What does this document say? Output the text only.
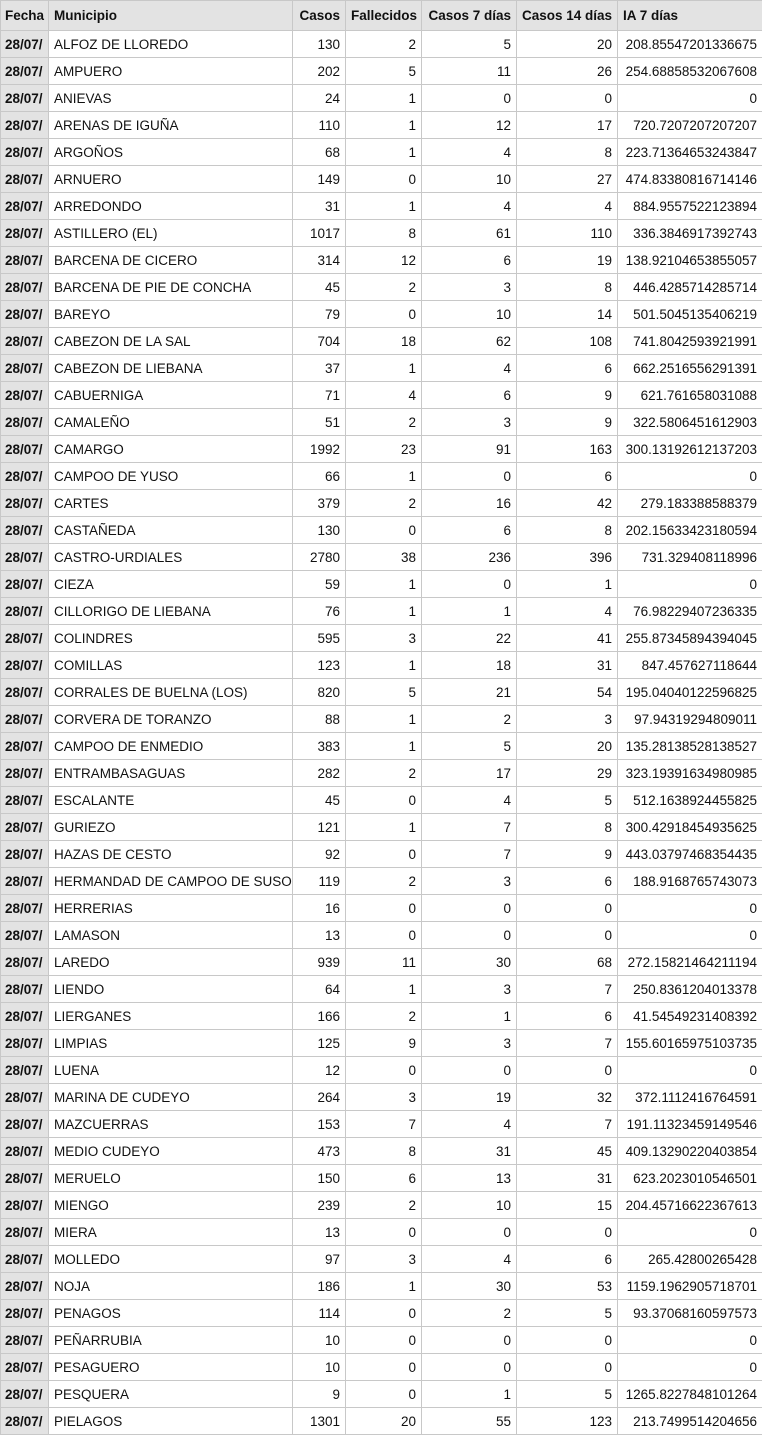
Fecha	Municipio	Casos	Fallecidos	Casos 7 días	Casos 14 días	IA 7 días
28/07/	ALFOZ DE LLOREDO	130	2	5	20	208.85547201336675
28/07/	AMPUERO	202	5	11	26	254.68858532067608
28/07/	ANIEVAS	24	1	0	0	0
28/07/	ARENAS DE IGUÑA	110	1	12	17	720.7207207207207
28/07/	ARGOÑOS	68	1	4	8	223.71364653243847
28/07/	ARNUERO	149	0	10	27	474.83380816714146
28/07/	ARREDONDO	31	1	4	4	884.9557522123894
28/07/	ASTILLERO (EL)	1017	8	61	110	336.3846917392743
28/07/	BARCENA DE CICERO	314	12	6	19	138.92104653855057
28/07/	BARCENA DE PIE DE CONCHA	45	2	3	8	446.4285714285714
28/07/	BAREYO	79	0	10	14	501.5045135406219
28/07/	CABEZON DE LA SAL	704	18	62	108	741.8042593921991
28/07/	CABEZON DE LIEBANA	37	1	4	6	662.2516556291391
28/07/	CABUERNIGA	71	4	6	9	621.761658031088
28/07/	CAMALEÑO	51	2	3	9	322.5806451612903
28/07/	CAMARGO	1992	23	91	163	300.13192612137203
28/07/	CAMPOO DE YUSO	66	1	0	6	0
28/07/	CARTES	379	2	16	42	279.183388588379
28/07/	CASTAÑEDA	130	0	6	8	202.15633423180594
28/07/	CASTRO-URDIALES	2780	38	236	396	731.329408118996
28/07/	CIEZA	59	1	0	1	0
28/07/	CILLORIGO DE LIEBANA	76	1	1	4	76.98229407236335
28/07/	COLINDRES	595	3	22	41	255.87345894394045
28/07/	COMILLAS	123	1	18	31	847.457627118644
28/07/	CORRALES DE BUELNA (LOS)	820	5	21	54	195.04040122596825
28/07/	CORVERA DE TORANZO	88	1	2	3	97.94319294809011
28/07/	CAMPOO DE ENMEDIO	383	1	5	20	135.28138528138527
28/07/	ENTRAMBASAGUAS	282	2	17	29	323.19391634980985
28/07/	ESCALANTE	45	0	4	5	512.1638924455825
28/07/	GURIEZO	121	1	7	8	300.42918454935625
28/07/	HAZAS DE CESTO	92	0	7	9	443.03797468354435
28/07/	HERMANDAD DE CAMPOO DE SUSO	119	2	3	6	188.9168765743073
28/07/	HERRERIAS	16	0	0	0	0
28/07/	LAMASON	13	0	0	0	0
28/07/	LAREDO	939	11	30	68	272.15821464211194
28/07/	LIENDO	64	1	3	7	250.8361204013378
28/07/	LIERGANES	166	2	1	6	41.54549231408392
28/07/	LIMPIAS	125	9	3	7	155.60165975103735
28/07/	LUENA	12	0	0	0	0
28/07/	MARINA DE CUDEYO	264	3	19	32	372.1112416764591
28/07/	MAZCUERRAS	153	7	4	7	191.11323459149546
28/07/	MEDIO CUDEYO	473	8	31	45	409.13290220403854
28/07/	MERUELO	150	6	13	31	623.2023010546501
28/07/	MIENGO	239	2	10	15	204.45716622367613
28/07/	MIERA	13	0	0	0	0
28/07/	MOLLEDO	97	3	4	6	265.42800265428
28/07/	NOJA	186	1	30	53	1159.1962905718701
28/07/	PENAGOS	114	0	2	5	93.37068160597573
28/07/	PEÑARRUBIA	10	0	0	0	0
28/07/	PESAGUERO	10	0	0	0	0
28/07/	PESQUERA	9	0	1	5	1265.8227848101264
28/07/	PIELAGOS	1301	20	55	123	213.7499514204656
